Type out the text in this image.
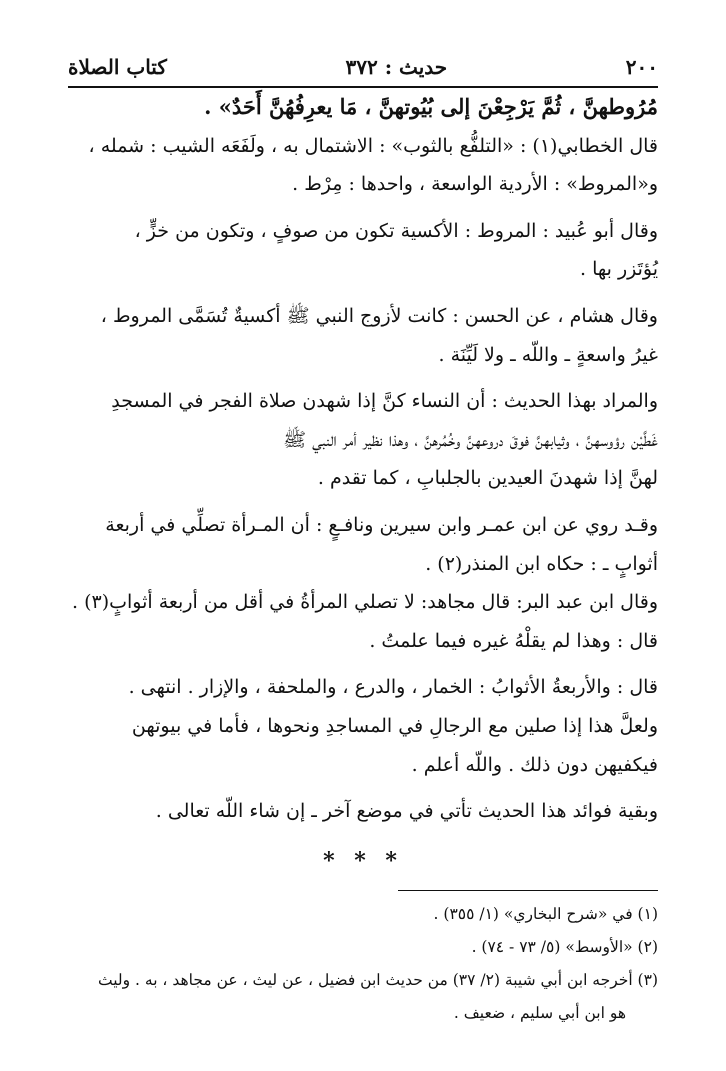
٢٠٠
حديث : ٣٧٢
كتاب الصلاة

مُرُوطهنَّ ، ثُمَّ يَرْجِعْنَ إلى بُيُوتهنَّ ، مَا يعرِفُهُنَّ أَحَدٌ» .

قال الخطابي(١) : «التلفُّع بالثوب» : الاشتمال به ، ولَفَعَه الشيب : شمله ،

و«المروط» : الأردية الواسعة ، واحدها : مِرْط .

وقال أبو عُبيد : المروط : الأكسية تكون من صوفٍ ، وتكون من خزٍّ ،

يُؤتَزر بها .

وقال هشام ، عن الحسن : كانت لأزوج النبي ﷺ أكسيةٌ تُسَمَّى المروط ،

غيرُ واسعةٍ ـ واللّه ـ ولا لَيِّنَة .

والمراد بهذا الحديث : أن النساء كنَّ إذا شهدن صلاة الفجر في المسجدِ

غَطَّيْن رؤوسهنَّ ، وثيابهنَّ فوقَ دروعهنَّ وخُمُرهنَّ ، وهذا نظير أمر النبي ﷺ

لهنَّ إذا شهدنَ العيدين بالجلبابِ ، كما تقدم .

وقـد روي عن ابن عمـر وابن سيرين ونافـعٍ : أن المـرأة تصلِّي في أربعة

أثوابٍ ـ : حكاه ابن المنذر(٢) .

وقال ابن عبد البر: قال مجاهد: لا تصلي المرأةُ في أقل من أربعة أثوابٍ(٣) .

قال : وهذا لم يقلْهُ غيره فيما علمتُ .

قال : والأربعةُ الأثوابُ : الخمار ، والدرع ، والملحفة ، والإزار . انتهى .

ولعلَّ هذا إذا صلين مع الرجالِ في المساجدِ ونحوها ، فأما في بيوتهن

فيكفيهن دون ذلك . واللّه أعلم .

وبقية فوائد هذا الحديث تأتي في موضع آخر ـ إن شاء اللّه تعالى .

* * *

(١) في «شرح البخاري» (١/ ٣٥٥) .

(٢) «الأوسط» (٥/ ٧٣ - ٧٤) .

(٣) أخرجه ابن أبي شيبة (٢/ ٣٧) من حديث ابن فضيل ، عن ليث ، عن مجاهد ، به . وليث

هو ابن أبي سليم ، ضعيف .
